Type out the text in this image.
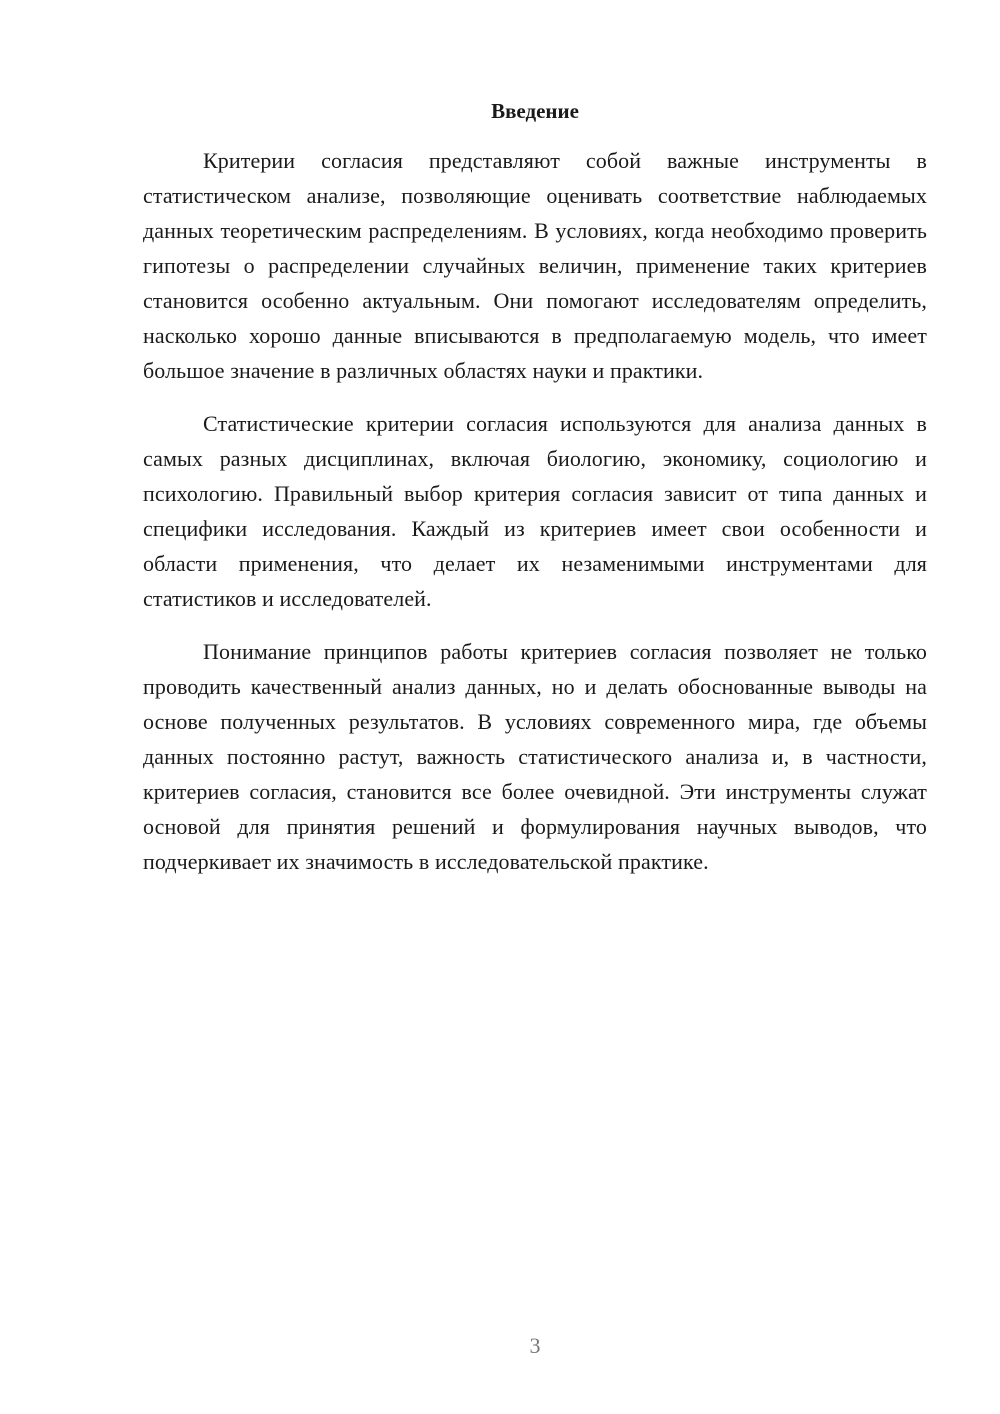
Введение

Критерии согласия представляют собой важные инструменты в статистическом анализе, позволяющие оценивать соответствие наблюдаемых данных теоретическим распределениям. В условиях, когда необходимо проверить гипотезы о распределении случайных величин, применение таких критериев становится особенно актуальным. Они помогают исследователям определить, насколько хорошо данные вписываются в предполагаемую модель, что имеет большое значение в различных областях науки и практики.

Статистические критерии согласия используются для анализа данных в самых разных дисциплинах, включая биологию, экономику, социологию и психологию. Правильный выбор критерия согласия зависит от типа данных и специфики исследования. Каждый из критериев имеет свои особенности и области применения, что делает их незаменимыми инструментами для статистиков и исследователей.

Понимание принципов работы критериев согласия позволяет не только проводить качественный анализ данных, но и делать обоснованные выводы на основе полученных результатов. В условиях современного мира, где объемы данных постоянно растут, важность статистического анализа и, в частности, критериев согласия, становится все более очевидной. Эти инструменты служат основой для принятия решений и формулирования научных выводов, что подчеркивает их значимость в исследовательской практике.

3
